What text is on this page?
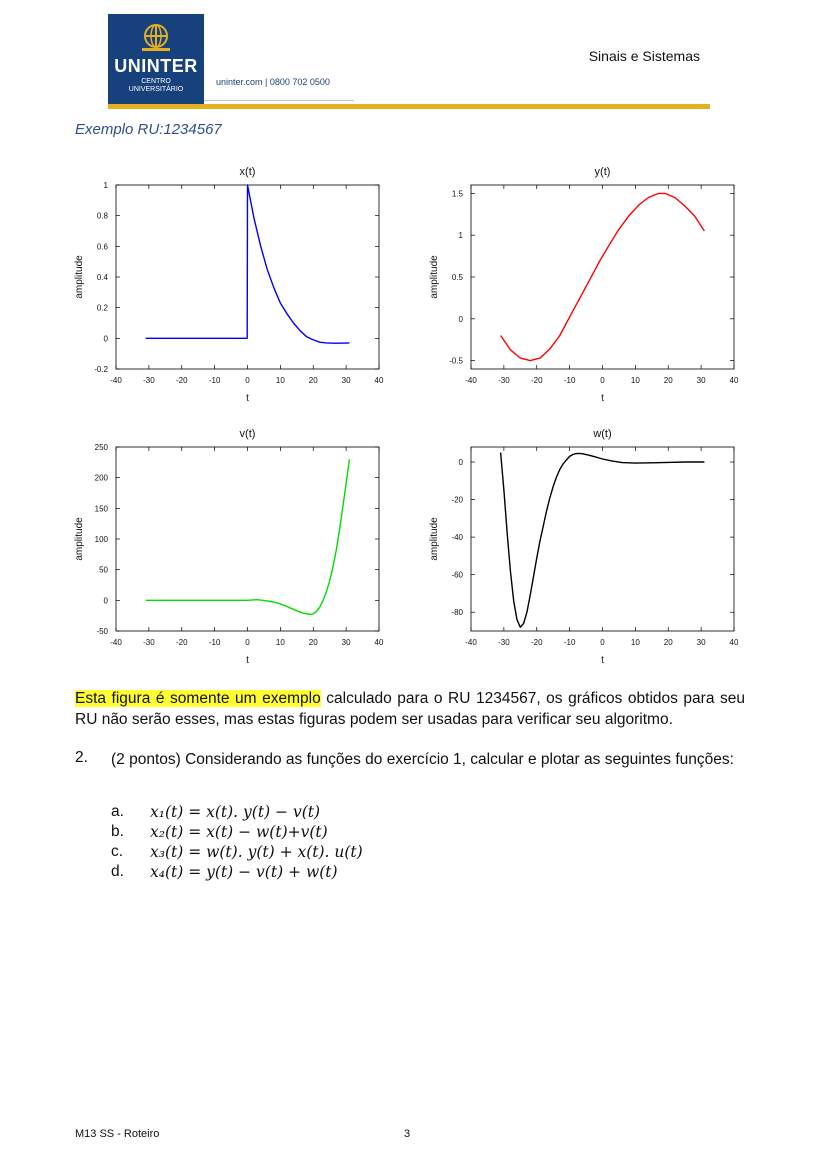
UNINTER
CENTRO
UNIVERSITÁRIO
uninter.com | 0800 702 0500
Sinais e Sistemas
Exemplo RU:1234567
x(t)
-40	-30	-20	-10	0	10	20	30	40
-0.2
0
0.2
0.4
0.6
0.8
1
t
amplitude
y(t)
-40	-30	-20	-10	0	10	20	30	40
-0.5
0
0.5
1
1.5
t
amplitude
v(t)
-40	-30	-20	-10	0	10	20	30	40
-50
0
50
100
150
200
250
t
amplitude
w(t)
-40	-30	-20	-10	0	10	20	30	40
-80
-60
-40
-20
0
t
amplitude
Esta figura é somente um exemplo calculado para o RU 1234567, os gráficos obtidos para seu RU não serão esses, mas estas figuras podem ser usadas para verificar seu algoritmo.
2. (2 pontos) Considerando as funções do exercício 1, calcular e plotar as seguintes funções:
a. x₁(t) = x(t). y(t) − v(t)
b. x₂(t) = x(t) − w(t)+v(t)
c. x₃(t) = w(t). y(t) + x(t). u(t)
d. x₄(t) = y(t) − v(t) + w(t)
M13 SS - Roteiro	3
